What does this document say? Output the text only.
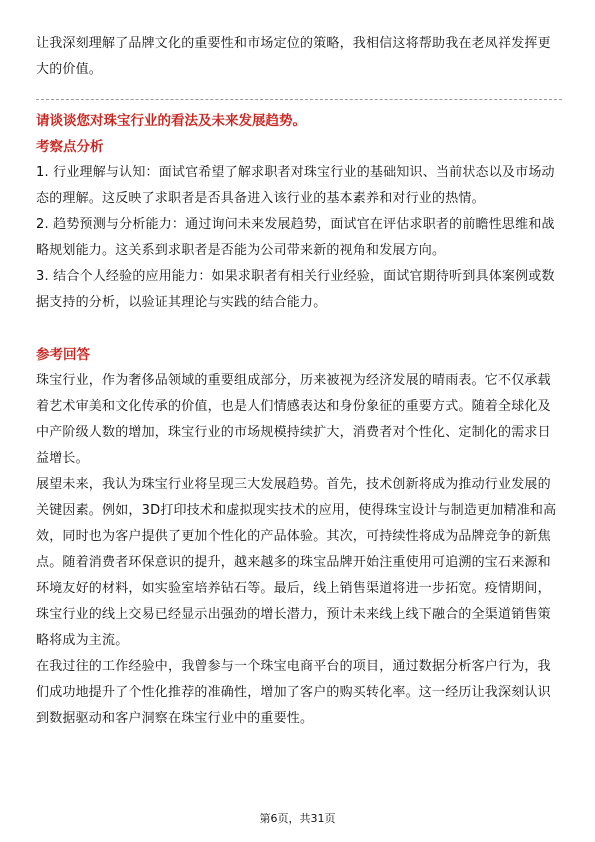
让我深刻理解了品牌文化的重要性和市场定位的策略，我相信这将帮助我在老凤祥发挥更大的价值。

请谈谈您对珠宝行业的看法及未来发展趋势。
考察点分析

1. 行业理解与认知：面试官希望了解求职者对珠宝行业的基础知识、当前状态以及市场动态的理解。这反映了求职者是否具备进入该行业的基本素养和对行业的热情。

2. 趋势预测与分析能力：通过询问未来发展趋势，面试官在评估求职者的前瞻性思维和战略规划能力。这关系到求职者是否能为公司带来新的视角和发展方向。

3. 结合个人经验的应用能力：如果求职者有相关行业经验，面试官期待听到具体案例或数据支持的分析，以验证其理论与实践的结合能力。

参考回答

珠宝行业，作为奢侈品领域的重要组成部分，历来被视为经济发展的晴雨表。它不仅承载着艺术审美和文化传承的价值，也是人们情感表达和身份象征的重要方式。随着全球化及中产阶级人数的增加，珠宝行业的市场规模持续扩大，消费者对个性化、定制化的需求日益增长。

展望未来，我认为珠宝行业将呈现三大发展趋势。首先，技术创新将成为推动行业发展的关键因素。例如，3D打印技术和虚拟现实技术的应用，使得珠宝设计与制造更加精准和高效，同时也为客户提供了更加个性化的产品体验。其次，可持续性将成为品牌竞争的新焦点。随着消费者环保意识的提升，越来越多的珠宝品牌开始注重使用可追溯的宝石来源和环境友好的材料，如实验室培养钻石等。最后，线上销售渠道将进一步拓宽。疫情期间，珠宝行业的线上交易已经显示出强劲的增长潜力，预计未来线上线下融合的全渠道销售策略将成为主流。

在我过往的工作经验中，我曾参与一个珠宝电商平台的项目，通过数据分析客户行为，我们成功地提升了个性化推荐的准确性，增加了客户的购买转化率。这一经历让我深刻认识到数据驱动和客户洞察在珠宝行业中的重要性。

第6页，共31页
